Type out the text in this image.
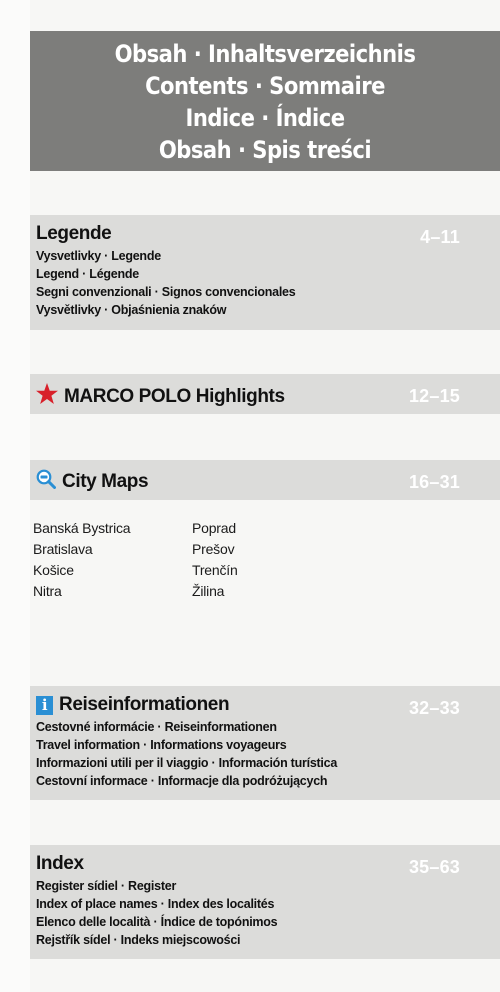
Obsah · Inhaltsverzeichnis
Contents · Sommaire
Indice · Índice
Obsah · Spis treści
Legende	4–11
Vysvetlivky · Legende
Legend · Légende
Segni convenzionali · Signos convencionales
Vysvětlivky · Objaśnienia znaków
MARCO POLO Highlights	12–15
City Maps	16–31
Banská Bystrica
Bratislava
Košice
Nitra
Poprad
Prešov
Trenčín
Žilina
i Reiseinformationen	32–33
Cestovné informácie · Reiseinformationen
Travel information · Informations voyageurs
Informazioni utili per il viaggio · Información turística
Cestovní informace · Informacje dla podróżujących
Index	35–63
Register sídiel · Register
Index of place names · Index des localités
Elenco delle località · Índice de topónimos
Rejstřík sídel · Indeks miejscowości
